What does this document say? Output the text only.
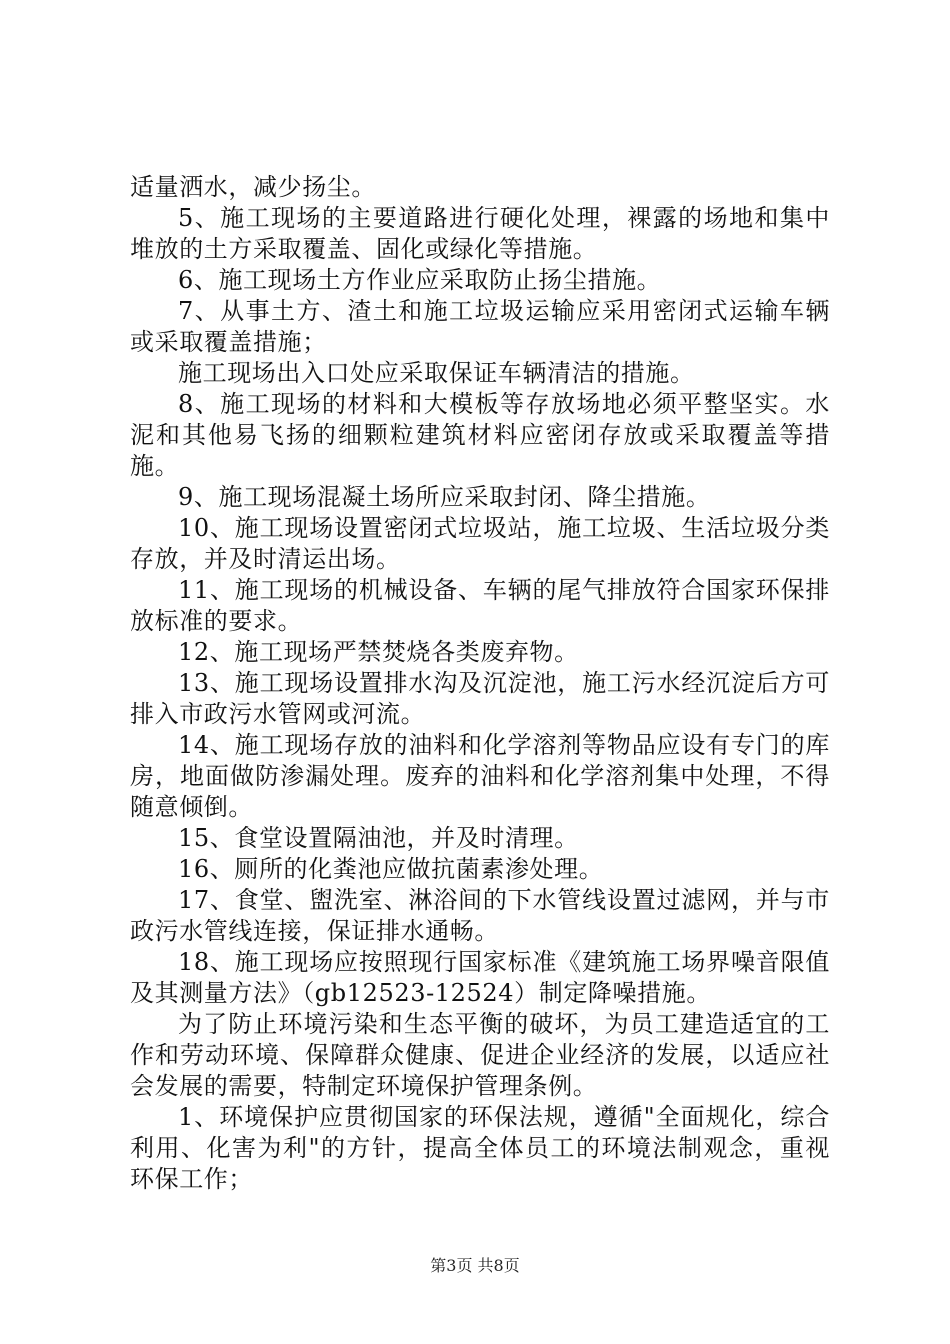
适量洒水，减少扬尘。

5、施工现场的主要道路进行硬化处理，裸露的场地和集中堆放的土方采取覆盖、固化或绿化等措施。

6、施工现场土方作业应采取防止扬尘措施。

7、从事土方、渣土和施工垃圾运输应采用密闭式运输车辆或采取覆盖措施；

施工现场出入口处应采取保证车辆清洁的措施。

8、施工现场的材料和大模板等存放场地必须平整坚实。水泥和其他易飞扬的细颗粒建筑材料应密闭存放或采取覆盖等措施。

9、施工现场混凝土场所应采取封闭、降尘措施。

10、施工现场设置密闭式垃圾站，施工垃圾、生活垃圾分类存放，并及时清运出场。

11、施工现场的机械设备、车辆的尾气排放符合国家环保排放标准的要求。

12、施工现场严禁焚烧各类废弃物。

13、施工现场设置排水沟及沉淀池，施工污水经沉淀后方可排入市政污水管网或河流。

14、施工现场存放的油料和化学溶剂等物品应设有专门的库房，地面做防渗漏处理。废弃的油料和化学溶剂集中处理，不得随意倾倒。

15、食堂设置隔油池，并及时清理。

16、厕所的化粪池应做抗菌素渗处理。

17、食堂、盥洗室、淋浴间的下水管线设置过滤网，并与市政污水管线连接，保证排水通畅。

18、施工现场应按照现行国家标准《建筑施工场界噪音限值及其测量方法》（gb12523-12524）制定降噪措施。

为了防止环境污染和生态平衡的破坏，为员工建造适宜的工作和劳动环境、保障群众健康、促进企业经济的发展，以适应社会发展的需要，特制定环境保护管理条例。

1、环境保护应贯彻国家的环保法规，遵循"全面规化，综合利用、化害为利"的方针，提高全体员工的环境法制观念，重视环保工作；

第3页 共8页
